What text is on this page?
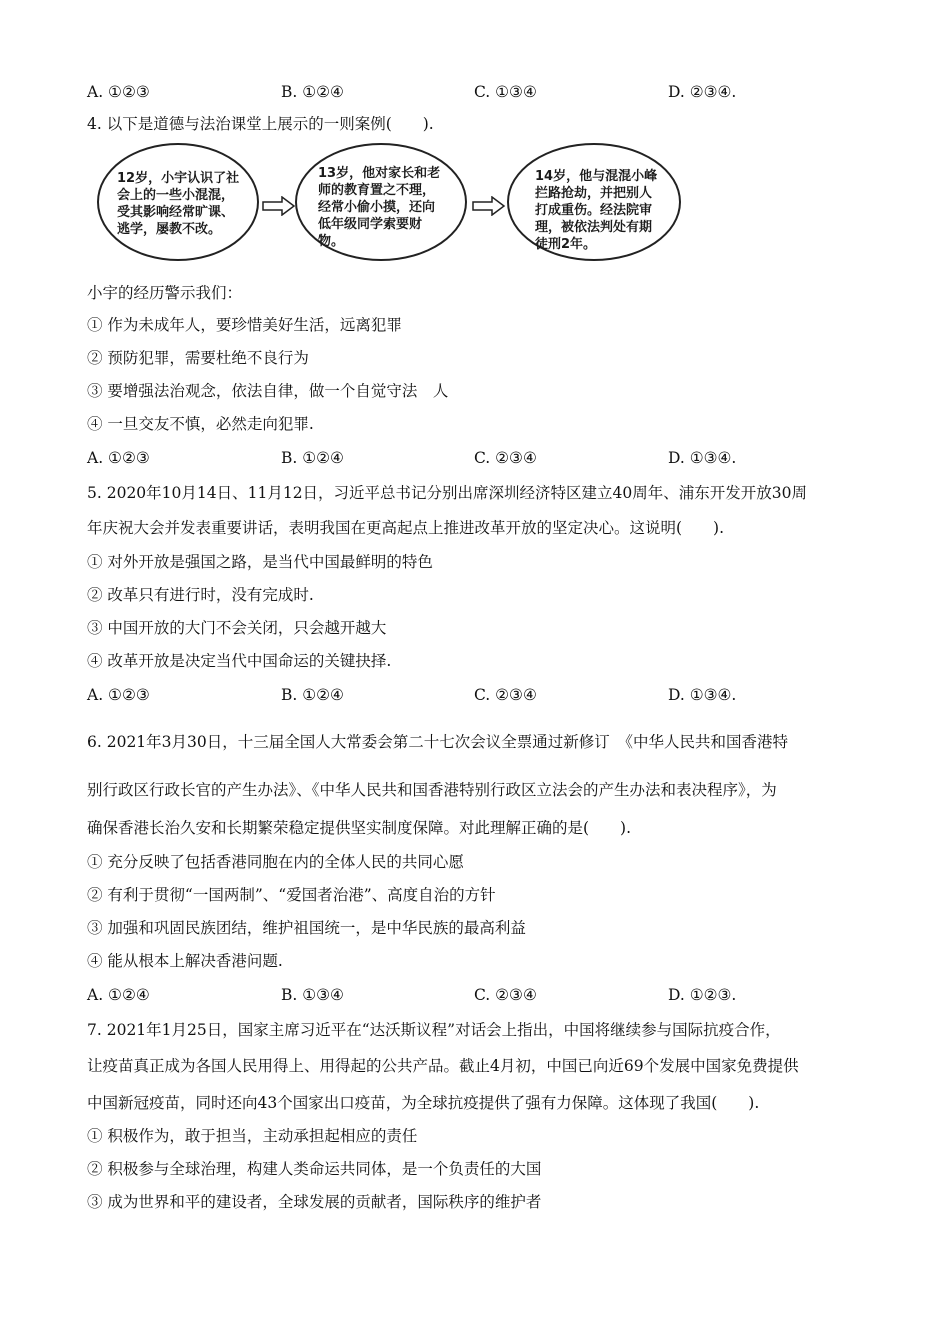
A. ①②③	B. ①②④	C. ①③④	D. ②③④.
4. 以下是道德与法治课堂上展示的一则案例(　　).
12岁，小宇认识了社
会上的一些小混混，
受其影响经常旷课、
逃学，屡教不改。
13岁，他对家长和老
师的教育置之不理，
经常小偷小摸，还向
低年级同学索要财
物。
14岁，他与混混小峰
拦路抢劫，并把别人
打成重伤。经法院审
理，被依法判处有期
徒刑2年。
小宇的经历警示我们：
① 作为未成年人，要珍惜美好生活，远离犯罪
② 预防犯罪，需要杜绝不良行为
③ 要增强法治观念，依法自律，做一个自觉守法　人
④ 一旦交友不慎，必然走向犯罪.
A. ①②③	B. ①②④	C. ②③④	D. ①③④.
5. 2020年10月14日、11月12日，习近平总书记分别出席深圳经济特区建立40周年、浦东开发开放30周
年庆祝大会并发表重要讲话，表明我国在更高起点上推进改革开放的坚定决心。这说明(　　).
① 对外开放是强国之路，是当代中国最鲜明的特色
② 改革只有进行时，没有完成时.
③ 中国开放的大门不会关闭，只会越开越大
④ 改革开放是决定当代中国命运的关键抉择.
A. ①②③	B. ①②④	C. ②③④	D. ①③④.
6. 2021年3月30日，十三届全国人大常委会第二十七次会议全票通过新修订　《中华人民共和国香港特
别行政区行政长官的产生办法》、《中华人民共和国香港特别行政区立法会的产生办法和表决程序》，为
确保香港长治久安和长期繁荣稳定提供坚实制度保障。对此理解正确的是(　　).
① 充分反映了包括香港同胞在内的全体人民的共同心愿
② 有利于贯彻“一国两制”、“爱国者治港”、高度自治的方针
③ 加强和巩固民族团结，维护祖国统一，是中华民族的最高利益
④ 能从根本上解决香港问题.
A. ①②④	B. ①③④	C. ②③④	D. ①②③.
7. 2021年1月25日，国家主席习近平在“达沃斯议程”对话会上指出，中国将继续参与国际抗疫合作，
让疫苗真正成为各国人民用得上、用得起的公共产品。截止4月初，中国已向近69个发展中国家免费提供
中国新冠疫苗，同时还向43个国家出口疫苗，为全球抗疫提供了强有力保障。这体现了我国(　　).
① 积极作为，敢于担当，主动承担起相应的责任
② 积极参与全球治理，构建人类命运共同体，是一个负责任的大国
③ 成为世界和平的建设者，全球发展的贡献者，国际秩序的维护者
